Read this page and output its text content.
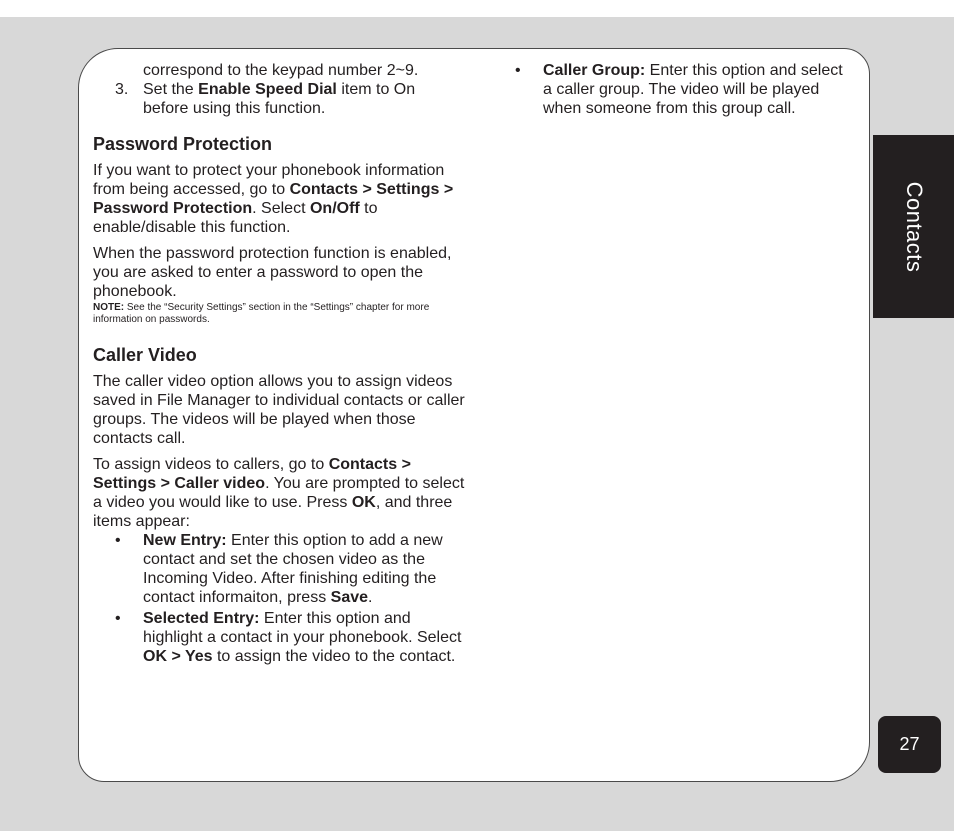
Contacts
27

correspond to the keypad number 2~9.

3. Set the Enable Speed Dial item to On

before using this function.

Password Protection

If you want to protect your phonebook information from being accessed, go to Contacts > Settings > Password Protection. Select On/Off to enable/disable this function.

When the password protection function is enabled, you are asked to enter a password to open the phonebook.

NOTE: See the “Security Settings” section in the “Settings” chapter for more information on passwords.

Caller Video

The caller video option allows you to assign videos saved in File Manager to individual contacts or caller groups. The videos will be played when those contacts call.

To assign videos to callers, go to Contacts > Settings > Caller video. You are prompted to select a video you would like to use. Press OK, and three items appear:

•	New Entry: Enter this option to add a new contact and set the chosen video as the Incoming Video. After finishing editing the contact informaiton, press Save.
•	Selected Entry: Enter this option and highlight a contact in your phonebook. Select OK > Yes to assign the video to the contact.
•	Caller Group: Enter this option and select a caller group. The video will be played when someone from this group call.
